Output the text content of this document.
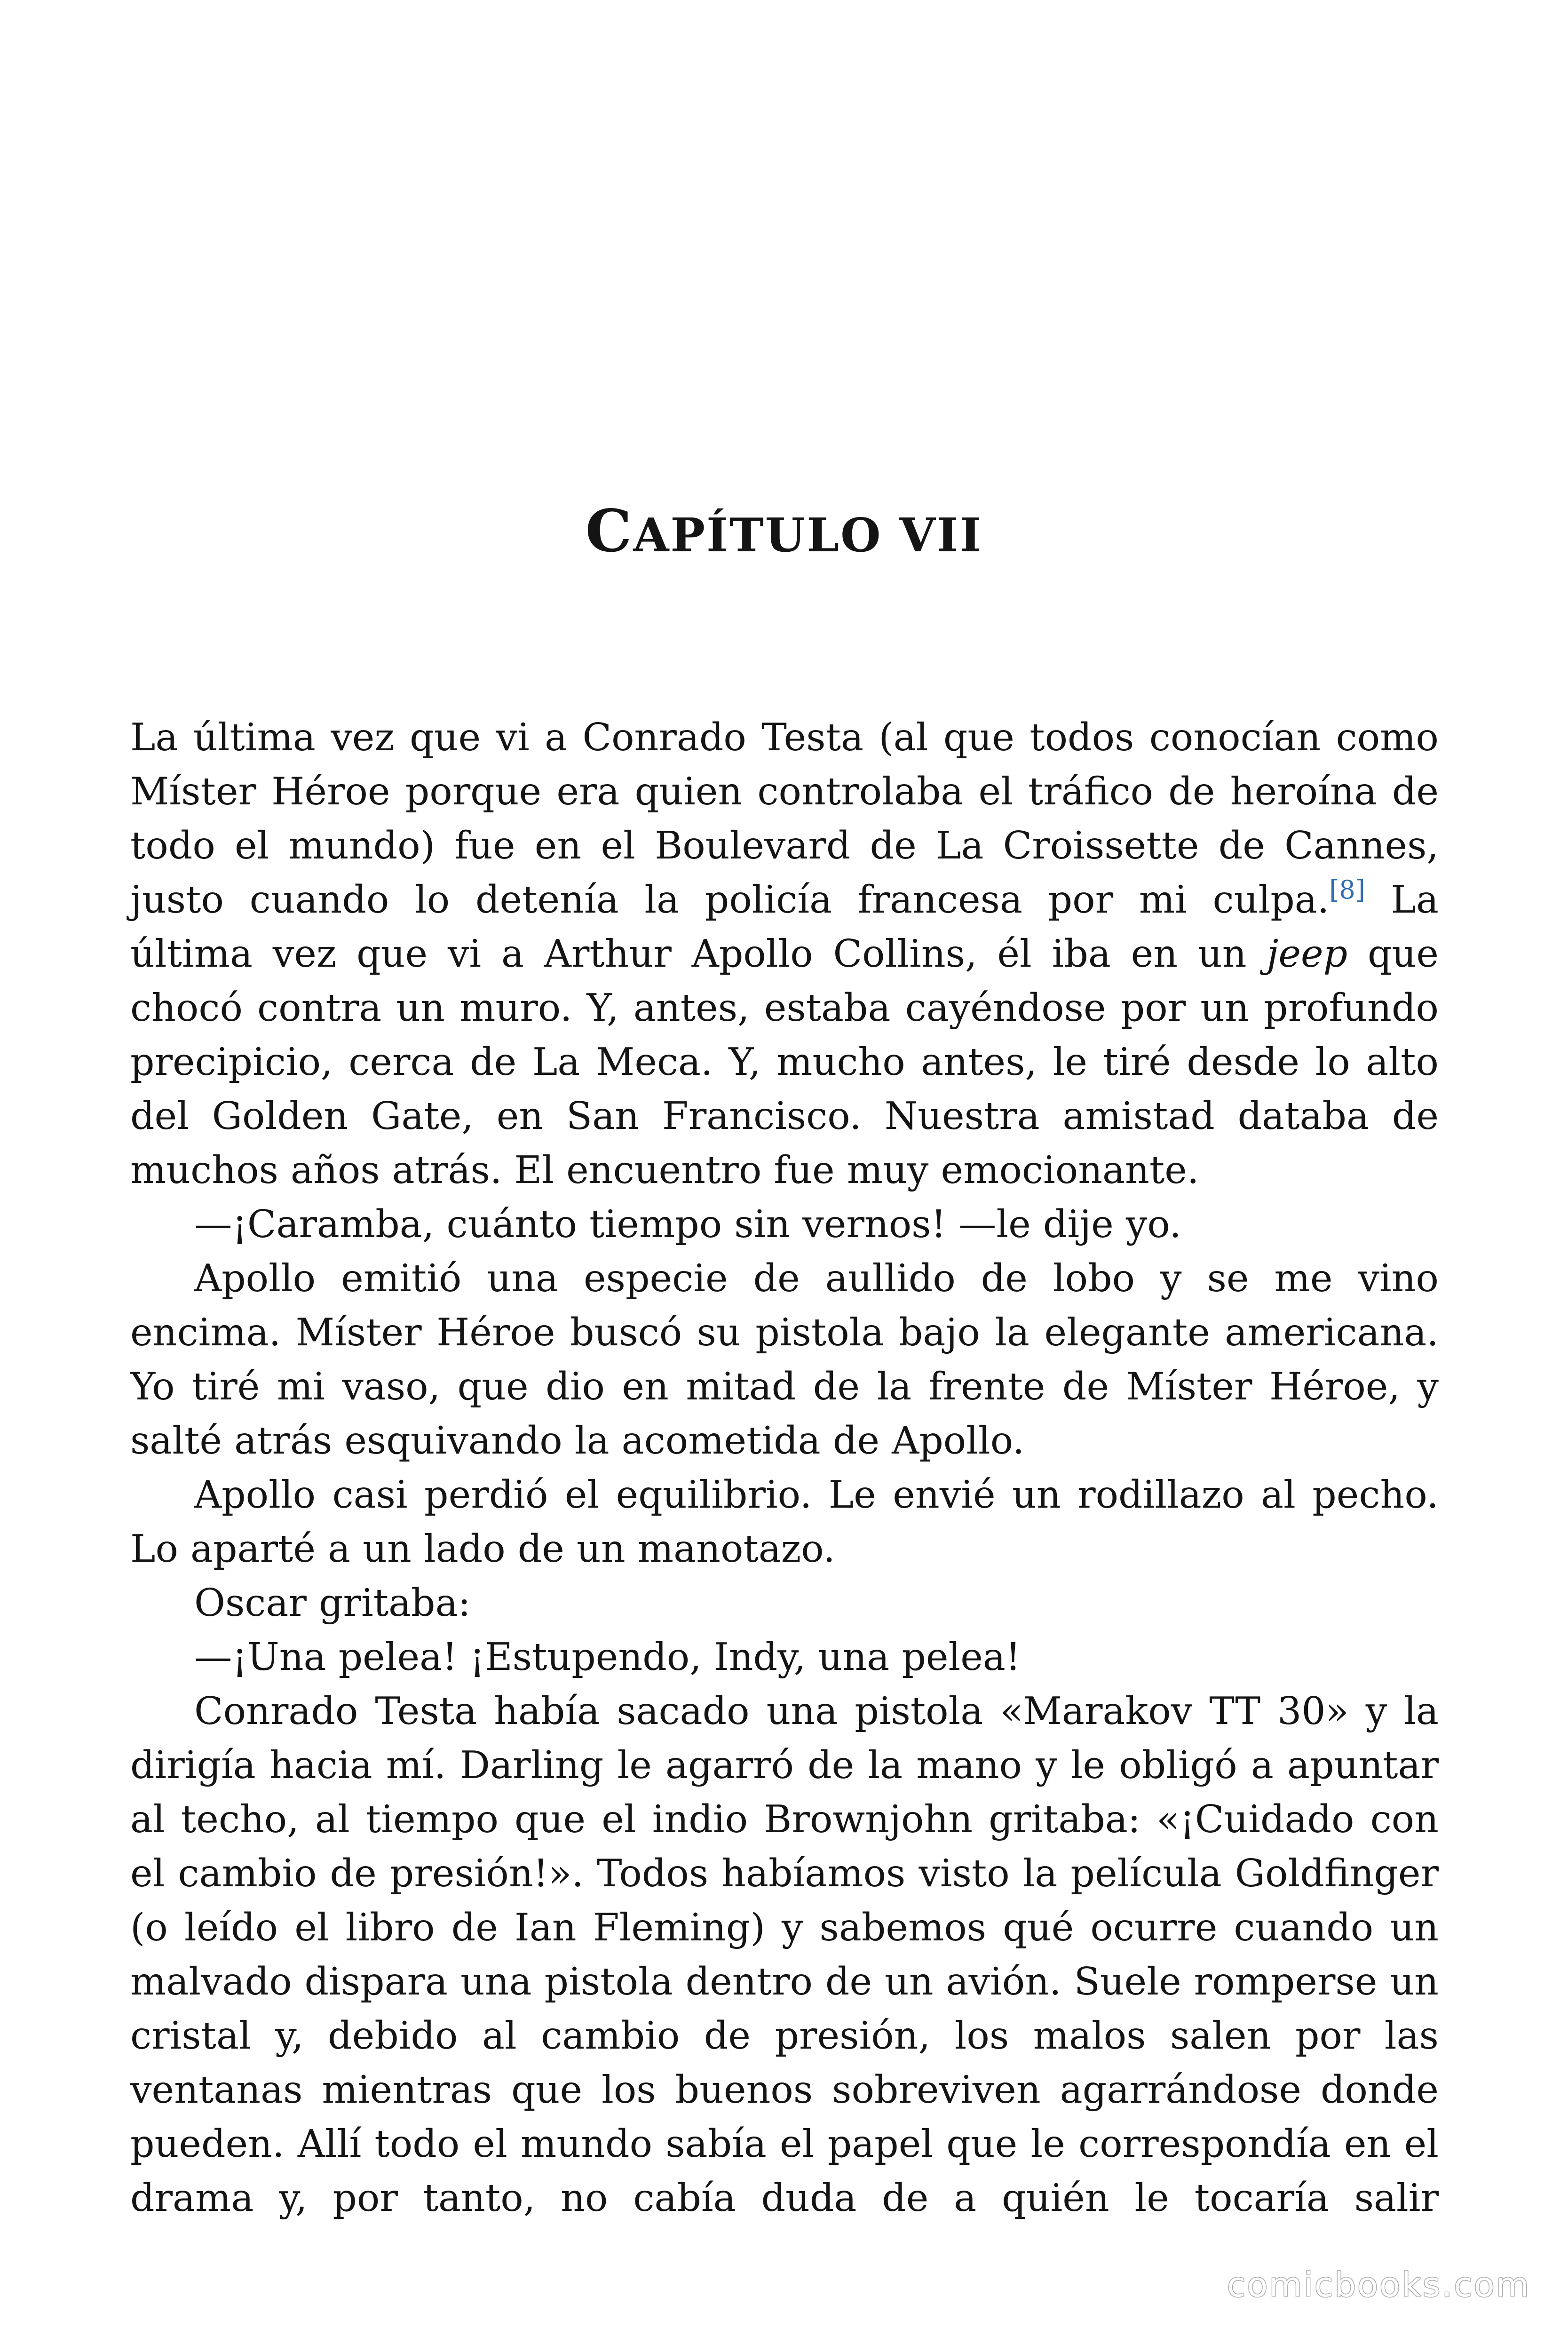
CAPÍTULO VII

La última vez que vi a Conrado Testa (al que todos conocían como Míster Héroe porque era quien controlaba el tráfico de heroína de todo el mundo) fue en el Boulevard de La Croissette de Cannes, justo cuando lo detenía la policía francesa por mi culpa.[8] La última vez que vi a Arthur Apollo Collins, él iba en un jeep que chocó contra un muro. Y, antes, estaba cayéndose por un profundo precipicio, cerca de La Meca. Y, mucho antes, le tiré desde lo alto del Golden Gate, en San Francisco. Nuestra amistad databa de muchos años atrás. El encuentro fue muy emocionante.

—¡Caramba, cuánto tiempo sin vernos! —le dije yo.

Apollo emitió una especie de aullido de lobo y se me vino encima. Míster Héroe buscó su pistola bajo la elegante americana. Yo tiré mi vaso, que dio en mitad de la frente de Míster Héroe, y salté atrás esquivando la acometida de Apollo.

Apollo casi perdió el equilibrio. Le envié un rodillazo al pecho. Lo aparté a un lado de un manotazo.

Oscar gritaba:

—¡Una pelea! ¡Estupendo, Indy, una pelea!

Conrado Testa había sacado una pistola «Marakov TT 30» y la dirigía hacia mí. Darling le agarró de la mano y le obligó a apuntar al techo, al tiempo que el indio Brownjohn gritaba: «¡Cuidado con el cambio de presión!». Todos habíamos visto la película Goldfinger (o leído el libro de Ian Fleming) y sabemos qué ocurre cuando un malvado dispara una pistola dentro de un avión. Suele romperse un cristal y, debido al cambio de presión, los malos salen por las ventanas mientras que los buenos sobreviven agarrándose donde pueden. Allí todo el mundo sabía el papel que le correspondía en el drama y, por tanto, no cabía duda de a quién le tocaría salir

comicbooks.com
